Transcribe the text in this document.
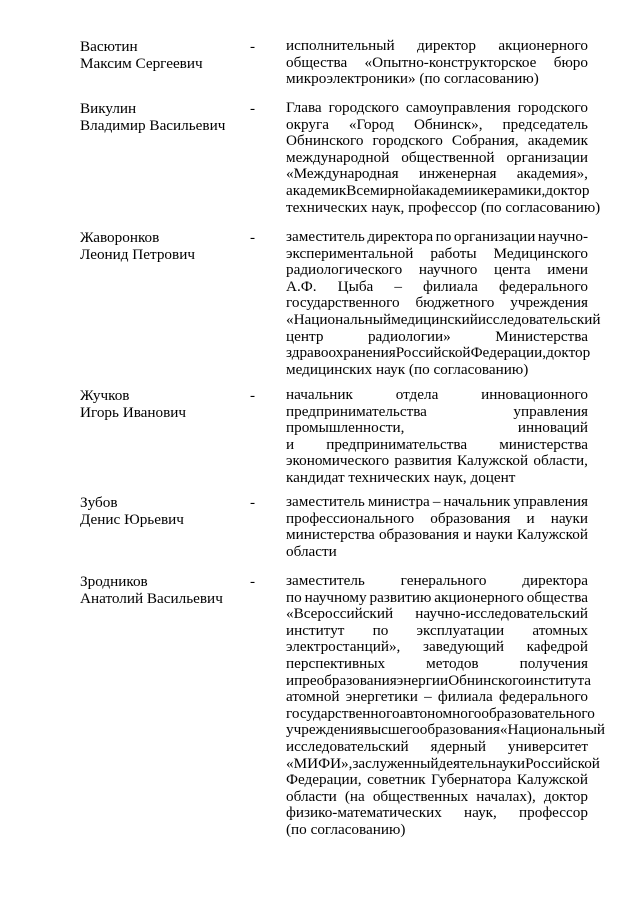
Васютин
Максим Сергеевич
- исполнительный директор акционерного
общества «Опытно-конструкторское бюро
микроэлектроники» (по согласованию)
Викулин
Владимир Васильевич
- Глава городского самоуправления городского
округа «Город Обнинск», председатель
Обнинского городского Собрания, академик
международной общественной организации
«Международная инженерная академия»,
академик Всемирной академии керамики, доктор
технических наук, профессор (по согласованию)
Жаворонков
Леонид Петрович
- заместитель директора по организации научно-
экспериментальной работы Медицинского
радиологического научного цента имени
А.Ф. Цыба – филиала федерального
государственного бюджетного учреждения
«Национальный медицинский исследовательский
центр	радиологии»	Министерства
здравоохранения Российской Федерации, доктор
медицинских наук (по согласованию)
Жучков
Игорь Иванович
- начальник	отдела	инновационного
предпринимательства	управления
промышленности,	инноваций
и предпринимательства министерства
экономического развития Калужской области,
кандидат технических наук, доцент
Зубов
Денис Юрьевич
- заместитель министра – начальник управления
профессионального образования и науки
министерства образования и науки Калужской
области
Зродников
Анатолий Васильевич
- заместитель генерального директора
по научному развитию акционерного общества
«Всероссийский научно-исследовательский
институт по эксплуатации атомных
электростанций», заведующий кафедрой
перспективных	методов	получения
и преобразования энергии Обнинского института
атомной энергетики – филиала федерального
государственного автономного образовательного
учреждения высшего образования «Национальный
исследовательский ядерный университет
«МИФИ», заслуженный деятель науки Российской
Федерации, советник Губернатора Калужской
области (на общественных началах), доктор
физико-математических наук, профессор
(по согласованию)
